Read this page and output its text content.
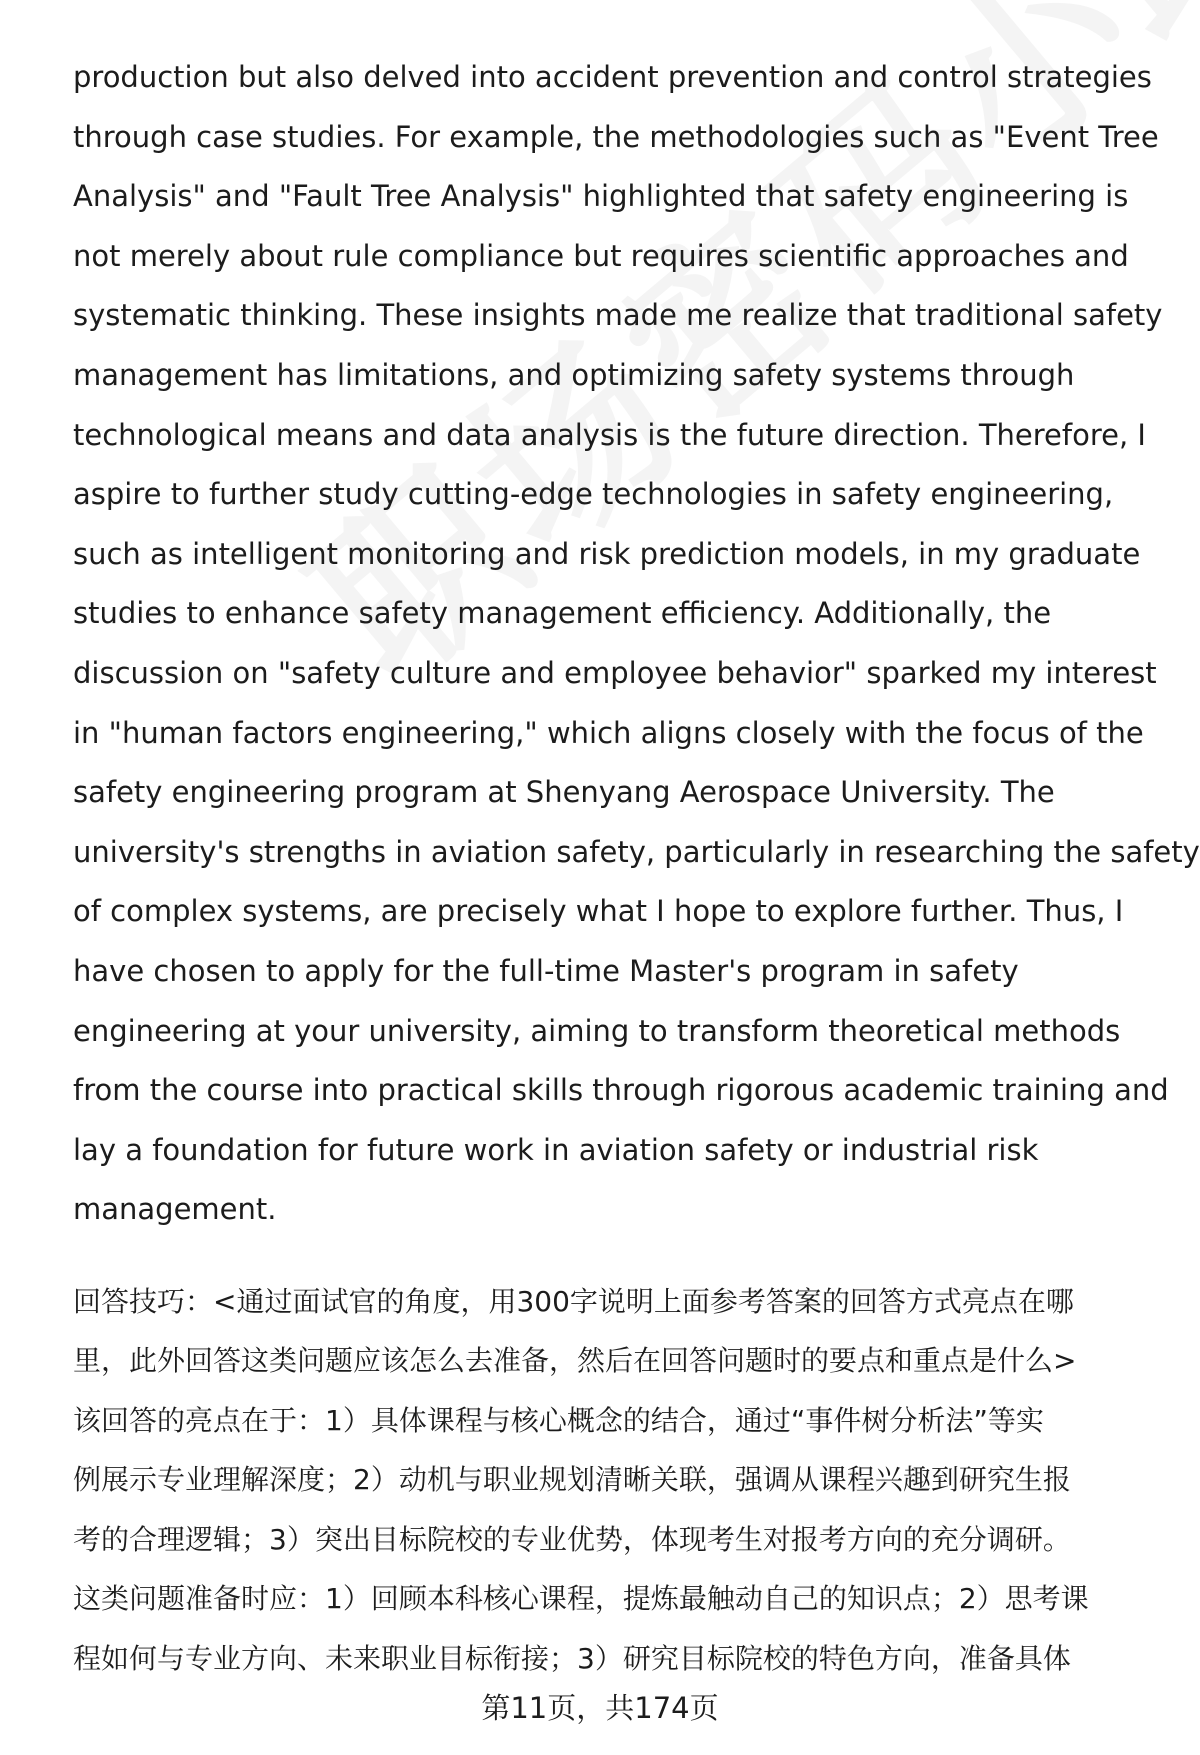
production but also delved into accident prevention and control strategies
through case studies. For example, the methodologies such as "Event Tree
Analysis" and "Fault Tree Analysis" highlighted that safety engineering is
not merely about rule compliance but requires scientific approaches and
systematic thinking. These insights made me realize that traditional safety
management has limitations, and optimizing safety systems through
technological means and data analysis is the future direction. Therefore, I
aspire to further study cutting-edge technologies in safety engineering,
such as intelligent monitoring and risk prediction models, in my graduate
studies to enhance safety management efficiency. Additionally, the
discussion on "safety culture and employee behavior" sparked my interest
in "human factors engineering," which aligns closely with the focus of the
safety engineering program at Shenyang Aerospace University. The
university's strengths in aviation safety, particularly in researching the safety
of complex systems, are precisely what I hope to explore further. Thus, I
have chosen to apply for the full-time Master's program in safety
engineering at your university, aiming to transform theoretical methods
from the course into practical skills through rigorous academic training and
lay a foundation for future work in aviation safety or industrial risk
management.

回答技巧：<通过面试官的角度，用300字说明上面参考答案的回答方式亮点在哪
里，此外回答这类问题应该怎么去准备，然后在回答问题时的要点和重点是什么>
该回答的亮点在于：1）具体课程与核心概念的结合，通过“事件树分析法”等实
例展示专业理解深度；2）动机与职业规划清晰关联，强调从课程兴趣到研究生报
考的合理逻辑；3）突出目标院校的专业优势，体现考生对报考方向的充分调研。
这类问题准备时应：1）回顾本科核心课程，提炼最触动自己的知识点；2）思考课
程如何与专业方向、未来职业目标衔接；3）研究目标院校的特色方向，准备具体

第11页，共174页
